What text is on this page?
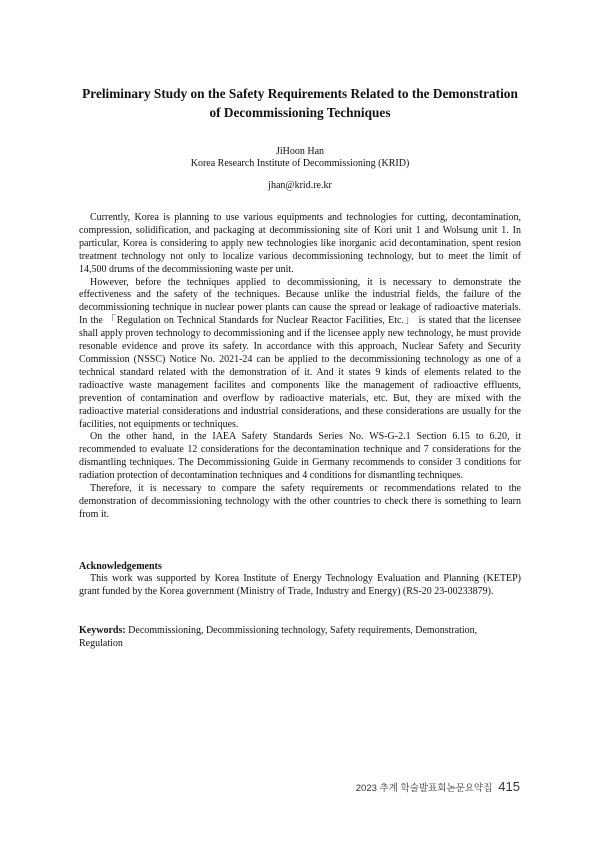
Preliminary Study on the Safety Requirements Related to the Demonstration
of Decommissioning Techniques
JiHoon Han
Korea Research Institute of Decommissioning (KRID)
jhan@krid.re.kr

Currently, Korea is planning to use various equipments and technologies for cutting, decontamination, compression, solidification, and packaging at decommissioning site of Kori unit 1 and Wolsung unit 1. In particular, Korea is considering to apply new technologies like inorganic acid decontamination, spent resion treatment technology not only to localize various decommissioning technology, but to meet the limit of 14,500 drums of the decommissioning waste per unit.

However, before the techniques applied to decommissioning, it is necessary to demonstrate the effectiveness and the safety of the techniques. Because unlike the industrial fields, the failure of the decommissioning technique in nuclear power plants can cause the spread or leakage of radioactive materials. In the 「Regulation on Technical Standards for Nuclear Reactor Facilities, Etc.」 is stated that the licensee shall apply proven technology to decommissioning and if the licensee apply new technology, he must provide resonable evidence and prove its safety. In accordance with this approach, Nuclear Safety and Security Commission (NSSC) Notice No. 2021-24 can be applied to the decommissioning technology as one of a technical standard related with the demonstration of it. And it states 9 kinds of elements related to the radioactive waste management facilites and components like the management of radioactive effluents, prevention of contamination and overflow by radioactive materials, etc. But, they are mixed with the radioactive material considerations and industrial considerations, and these considerations are usually for the facilities, not equipments or techniques.

On the other hand, in the IAEA Safety Standards Series No. WS-G-2.1 Section 6.15 to 6.20, it recommended to evaluate 12 considerations for the decontamination technique and 7 considerations for the dismantling techniques. The Decommissioning Guide in Germany recommends to consider 3 conditions for radiation protection of decontamination techniques and 4 conditions for dismantling techniques.

Therefore, it is necessary to compare the safety requirements or recommendations related to the demonstration of decommissioning technology with the other countries to check there is something to learn from it.

Acknowledgements
This work was supported by Korea Institute of Energy Technology Evaluation and Planning (KETEP) grant funded by the Korea government (Ministry of Trade, Industry and Energy) (RS-20 23-00233879).
Keywords: Decommissioning, Decommissioning technology, Safety requirements, Demonstration, Regulation
2023 추계 학술발표회논문요약집 415
